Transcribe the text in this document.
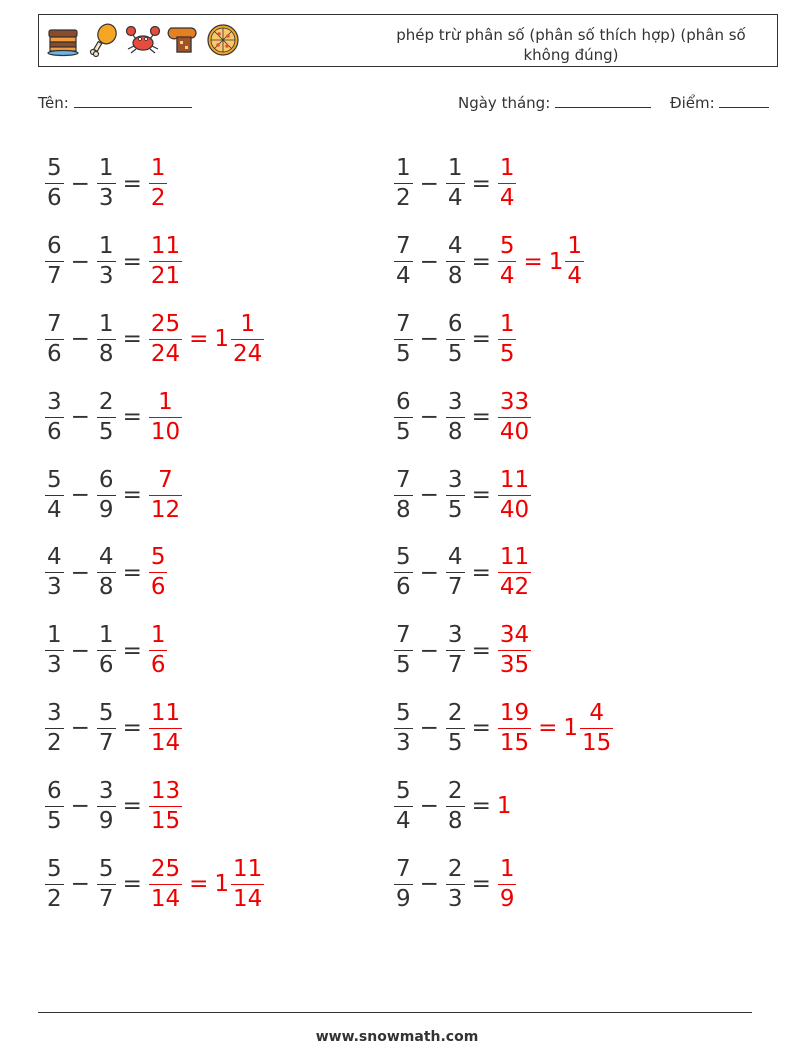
phép trừ phân số (phân số thích hợp) (phân số không đúng)
Tên:	Ngày tháng:	Điểm:
$\frac{5}{6} - \frac{1}{3} = \frac{1}{2}$
$\frac{6}{7} - \frac{1}{3} = \frac{11}{21}$
$\frac{7}{6} - \frac{1}{8} = \frac{25}{24} = 1 \frac{1}{24}$
$\frac{3}{6} - \frac{2}{5} = \frac{1}{10}$
$\frac{5}{4} - \frac{6}{9} = \frac{7}{12}$
$\frac{4}{3} - \frac{4}{8} = \frac{5}{6}$
$\frac{1}{3} - \frac{1}{6} = \frac{1}{6}$
$\frac{3}{2} - \frac{5}{7} = \frac{11}{14}$
$\frac{6}{5} - \frac{3}{9} = \frac{13}{15}$
$\frac{5}{2} - \frac{5}{7} = \frac{25}{14} = 1 \frac{11}{14}$
$\frac{1}{2} - \frac{1}{4} = \frac{1}{4}$
$\frac{7}{4} - \frac{4}{8} = \frac{5}{4} = 1 \frac{1}{4}$
$\frac{7}{5} - \frac{6}{5} = \frac{1}{5}$
$\frac{6}{5} - \frac{3}{8} = \frac{33}{40}$
$\frac{7}{8} - \frac{3}{5} = \frac{11}{40}$
$\frac{5}{6} - \frac{4}{7} = \frac{11}{42}$
$\frac{7}{5} - \frac{3}{7} = \frac{34}{35}$
$\frac{5}{3} - \frac{2}{5} = \frac{19}{15} = 1 \frac{4}{15}$
$\frac{5}{4} - \frac{2}{8} = 1$
$\frac{7}{9} - \frac{2}{3} = \frac{1}{9}$
www.snowmath.com
